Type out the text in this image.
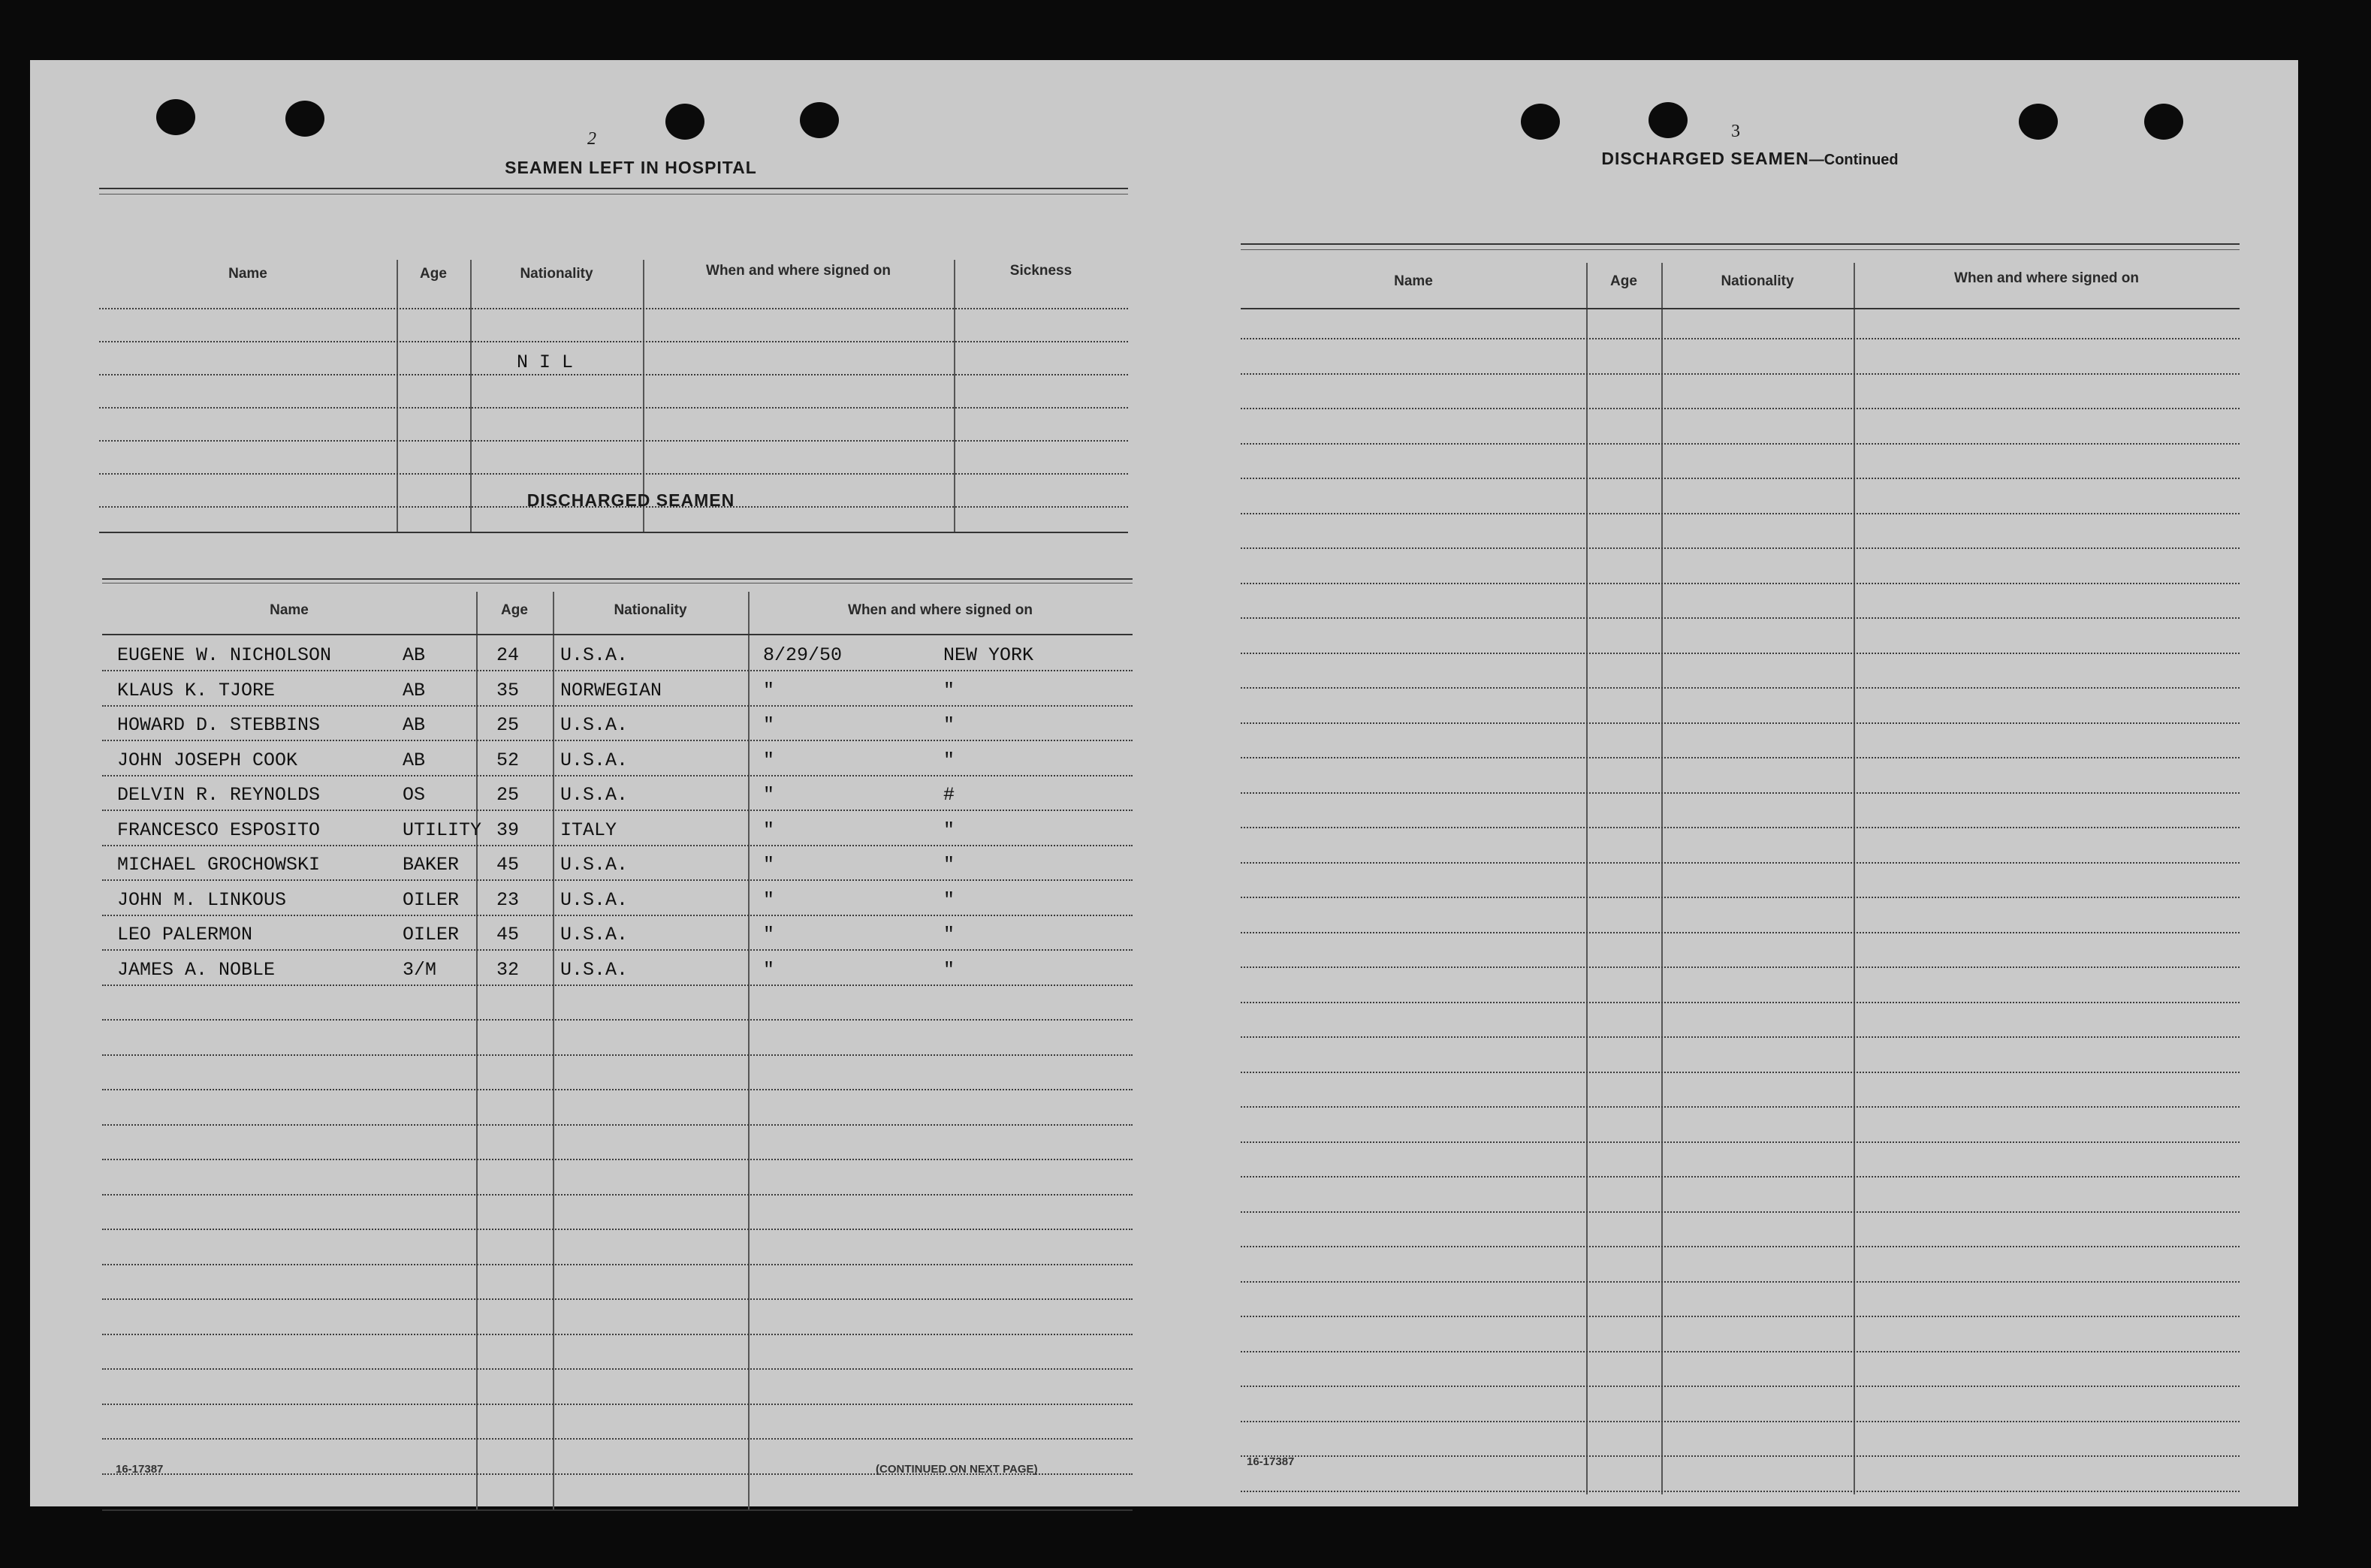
2
SEAMEN LEFT IN HOSPITAL
Name	Age	Nationality	When and where signed on	Sickness
N I L
DISCHARGED SEAMEN
Name	Age	Nationality	When and where signed on
EUGENE W. NICHOLSON	AB	24 U.S.A.	8/29/50	NEW YORK
KLAUS K. TJORE	AB	35 NORWEGIAN	"	"
HOWARD D. STEBBINS	AB	25 U.S.A.	"	"
JOHN JOSEPH COOK	AB	52 U.S.A.	"	"
DELVIN R. REYNOLDS	OS	25 U.S.A.	"	#
FRANCESCO ESPOSITO	UTILITY 39 ITALY	"	"
MICHAEL GROCHOWSKI	BAKER 45 U.S.A.	"	"
JOHN M. LINKOUS	OILER 23 U.S.A.	"	"
LEO PALERMON	OILER 45 U.S.A.	"	"
JAMES A. NOBLE	3/M	32 U.S.A.	"	"
16-17387	(CONTINUED ON NEXT PAGE)
3
DISCHARGED SEAMEN—Continued
Name	Age	Nationality	When and where signed on
16-17387
